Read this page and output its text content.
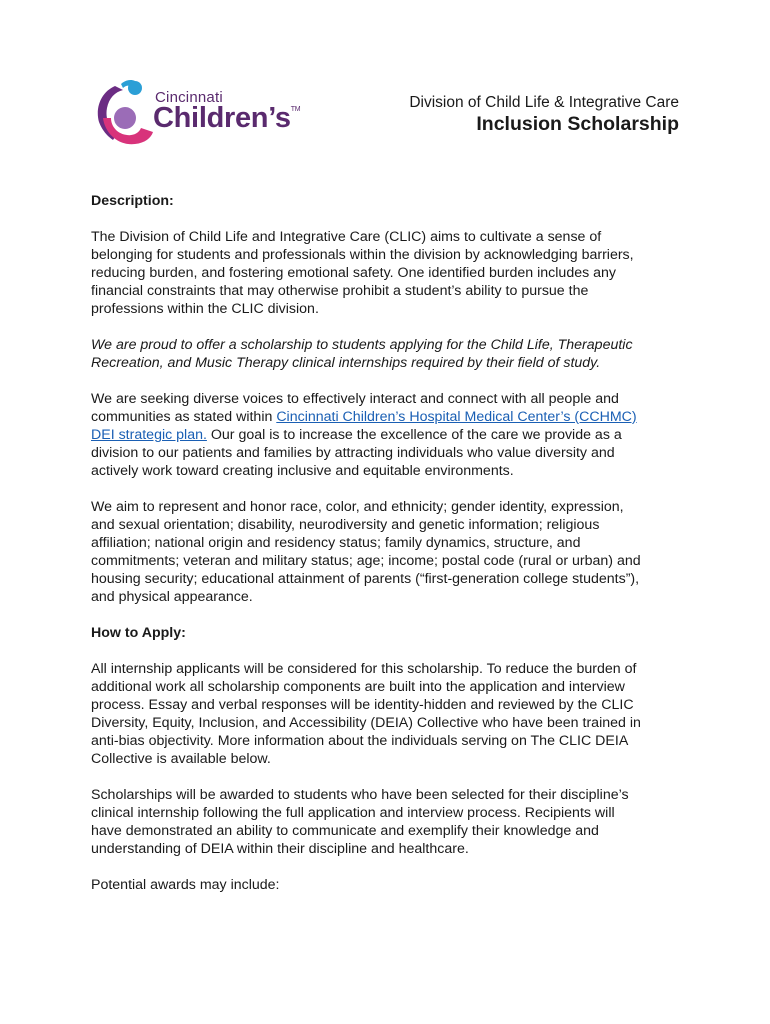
Cincinnati
Children’s™	Division of Child Life & Integrative Care
Inclusion Scholarship
Description:

The Division of Child Life and Integrative Care (CLIC) aims to cultivate a sense of
belonging for students and professionals within the division by acknowledging barriers,
reducing burden, and fostering emotional safety. One identified burden includes any
financial constraints that may otherwise prohibit a student’s ability to pursue the
professions within the CLIC division.

We are proud to offer a scholarship to students applying for the Child Life, Therapeutic
Recreation, and Music Therapy clinical internships required by their field of study.

We are seeking diverse voices to effectively interact and connect with all people and
communities as stated within Cincinnati Children’s Hospital Medical Center’s (CCHMC)
DEI strategic plan. Our goal is to increase the excellence of the care we provide as a
division to our patients and families by attracting individuals who value diversity and
actively work toward creating inclusive and equitable environments.

We aim to represent and honor race, color, and ethnicity; gender identity, expression,
and sexual orientation; disability, neurodiversity and genetic information; religious
affiliation; national origin and residency status; family dynamics, structure, and
commitments; veteran and military status; age; income; postal code (rural or urban) and
housing security; educational attainment of parents (“first-generation college students”),
and physical appearance.

How to Apply:

All internship applicants will be considered for this scholarship. To reduce the burden of
additional work all scholarship components are built into the application and interview
process. Essay and verbal responses will be identity-hidden and reviewed by the CLIC
Diversity, Equity, Inclusion, and Accessibility (DEIA) Collective who have been trained in
anti-bias objectivity. More information about the individuals serving on The CLIC DEIA
Collective is available below.

Scholarships will be awarded to students who have been selected for their discipline’s
clinical internship following the full application and interview process. Recipients will
have demonstrated an ability to communicate and exemplify their knowledge and
understanding of DEIA within their discipline and healthcare.

Potential awards may include:
